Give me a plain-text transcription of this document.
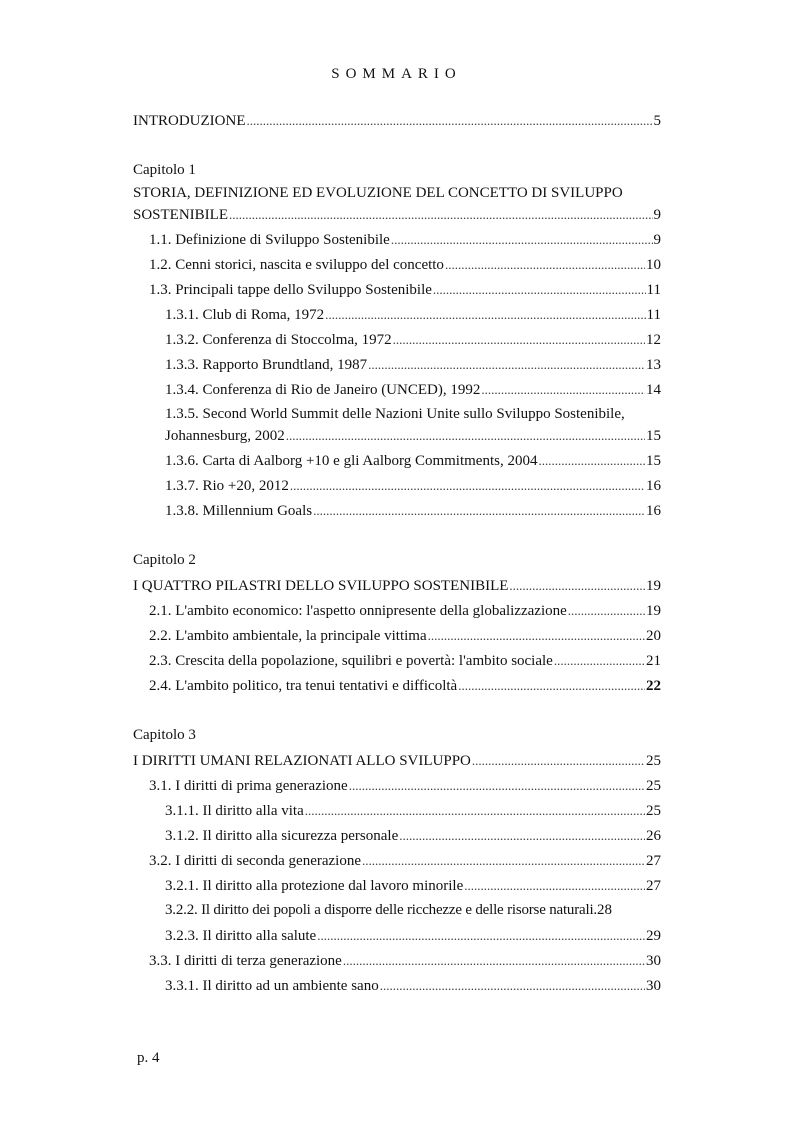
SOMMARIO
INTRODUZIONE .....	5
Capitolo 1
STORIA, DEFINIZIONE ED EVOLUZIONE DEL CONCETTO DI SVILUPPO
SOSTENIBILE .....	9
1.1. Definizione di Sviluppo Sostenibile .....	9
1.2. Cenni storici, nascita e sviluppo del concetto .....	10
1.3. Principali tappe dello Sviluppo Sostenibile .....	11
1.3.1. Club di Roma, 1972 .....	11
1.3.2. Conferenza di Stoccolma, 1972 .....	12
1.3.3. Rapporto Brundtland, 1987 .....	13
1.3.4. Conferenza di Rio de Janeiro (UNCED), 1992 .....	14
1.3.5. Second World Summit delle Nazioni Unite sullo Sviluppo Sostenibile,
Johannesburg, 2002 .....	15
1.3.6. Carta di Aalborg +10 e gli Aalborg Commitments, 2004 .....	15
1.3.7. Rio +20, 2012 .....	16
1.3.8. Millennium Goals .....	16
Capitolo 2
I QUATTRO PILASTRI DELLO SVILUPPO SOSTENIBILE .....	19
2.1. L'ambito economico: l'aspetto onnipresente della globalizzazione .....	19
2.2. L'ambito ambientale, la principale vittima .....	20
2.3. Crescita della popolazione, squilibri e povertà: l'ambito sociale .....	21
2.4. L'ambito politico, tra tenui tentativi e difficoltà .....	22
Capitolo 3
I DIRITTI UMANI RELAZIONATI ALLO SVILUPPO .....	25
3.1. I diritti di prima generazione .....	25
3.1.1. Il diritto alla vita .....	25
3.1.2. Il diritto alla sicurezza personale .....	26
3.2. I diritti di seconda generazione .....	27
3.2.1. Il diritto alla protezione dal lavoro minorile .....	27
3.2.2. Il diritto dei popoli a disporre delle ricchezze e delle risorse naturali. 28
3.2.3. Il diritto alla salute .....	29
3.3. I diritti di terza generazione .....	30
3.3.1. Il diritto ad un ambiente sano .....	30
p. 4
